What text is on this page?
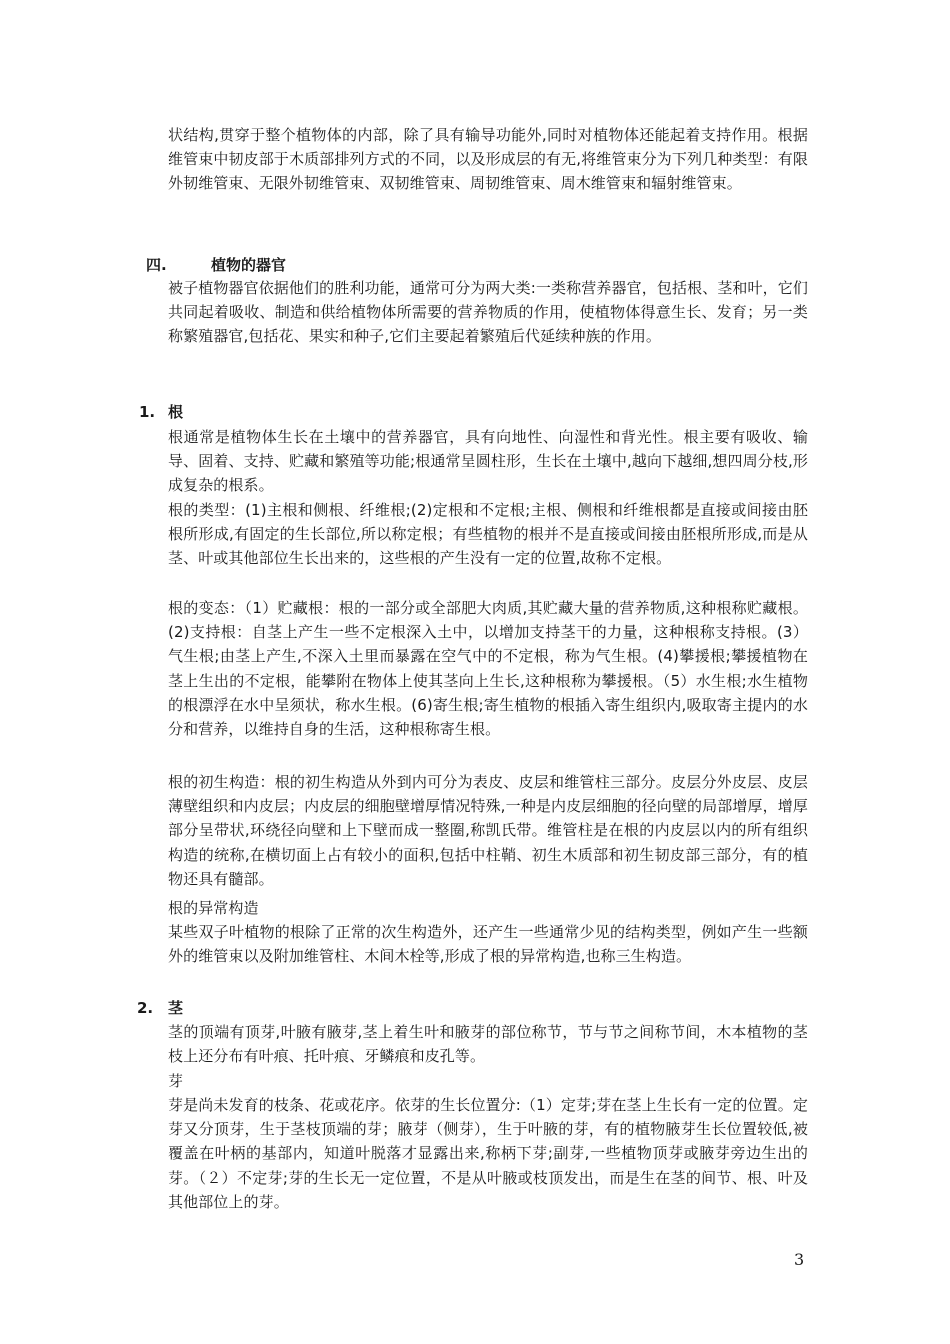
状结构,贯穿于整个植物体的内部，除了具有输导功能外,同时对植物体还能起着支持作用。根据维管束中韧皮部于木质部排列方式的不同，以及形成层的有无,将维管束分为下列几种类型：有限外韧维管束、无限外韧维管束、双韧维管束、周韧维管束、周木维管束和辐射维管束。

四.	植物的器官

被子植物器官依据他们的胜利功能，通常可分为两大类:一类称营养器官，包括根、茎和叶，它们共同起着吸收、制造和供给植物体所需要的营养物质的作用，使植物体得意生长、发育；另一类称繁殖器官,包括花、果实和种子,它们主要起着繁殖后代延续种族的作用。

1. 根

根通常是植物体生长在土壤中的营养器官，具有向地性、向湿性和背光性。根主要有吸收、输导、固着、支持、贮藏和繁殖等功能;根通常呈圆柱形，生长在土壤中,越向下越细,想四周分枝,形成复杂的根系。

根的类型：(1)主根和侧根、纤维根;(2)定根和不定根;主根、侧根和纤维根都是直接或间接由胚根所形成,有固定的生长部位,所以称定根；有些植物的根并不是直接或间接由胚根所形成,而是从茎、叶或其他部位生长出来的，这些根的产生没有一定的位置,故称不定根。

根的变态：（1）贮藏根：根的一部分或全部肥大肉质,其贮藏大量的营养物质,这种根称贮藏根。(2)支持根：自茎上产生一些不定根深入土中，以增加支持茎干的力量，这种根称支持根。(3）气生根;由茎上产生,不深入土里而暴露在空气中的不定根，称为气生根。(4)攀援根;攀援植物在茎上生出的不定根，能攀附在物体上使其茎向上生长,这种根称为攀援根。（5）水生根;水生植物的根漂浮在水中呈须状，称水生根。(6)寄生根;寄生植物的根插入寄生组织内,吸取寄主提内的水分和营养，以维持自身的生活，这种根称寄生根。

根的初生构造：根的初生构造从外到内可分为表皮、皮层和维管柱三部分。皮层分外皮层、皮层薄壁组织和内皮层；内皮层的细胞壁增厚情况特殊,一种是内皮层细胞的径向壁的局部增厚，增厚部分呈带状,环绕径向壁和上下壁而成一整圈,称凯氏带。维管柱是在根的内皮层以内的所有组织构造的统称,在横切面上占有较小的面积,包括中柱鞘、初生木质部和初生韧皮部三部分，有的植物还具有髓部。

根的异常构造

某些双子叶植物的根除了正常的次生构造外，还产生一些通常少见的结构类型，例如产生一些额外的维管束以及附加维管柱、木间木栓等,形成了根的异常构造,也称三生构造。

2. 茎

茎的顶端有顶芽,叶腋有腋芽,茎上着生叶和腋芽的部位称节，节与节之间称节间，木本植物的茎枝上还分布有叶痕、托叶痕、牙鳞痕和皮孔等。

芽

芽是尚未发育的枝条、花或花序。依芽的生长位置分:（1）定芽;芽在茎上生长有一定的位置。定芽又分顶芽，生于茎枝顶端的芽；腋芽（侧芽），生于叶腋的芽，有的植物腋芽生长位置较低,被覆盖在叶柄的基部内，知道叶脱落才显露出来,称柄下芽;副芽,一些植物顶芽或腋芽旁边生出的芽。（２）不定芽;芽的生长无一定位置，不是从叶腋或枝顶发出，而是生在茎的间节、根、叶及其他部位上的芽。

3
